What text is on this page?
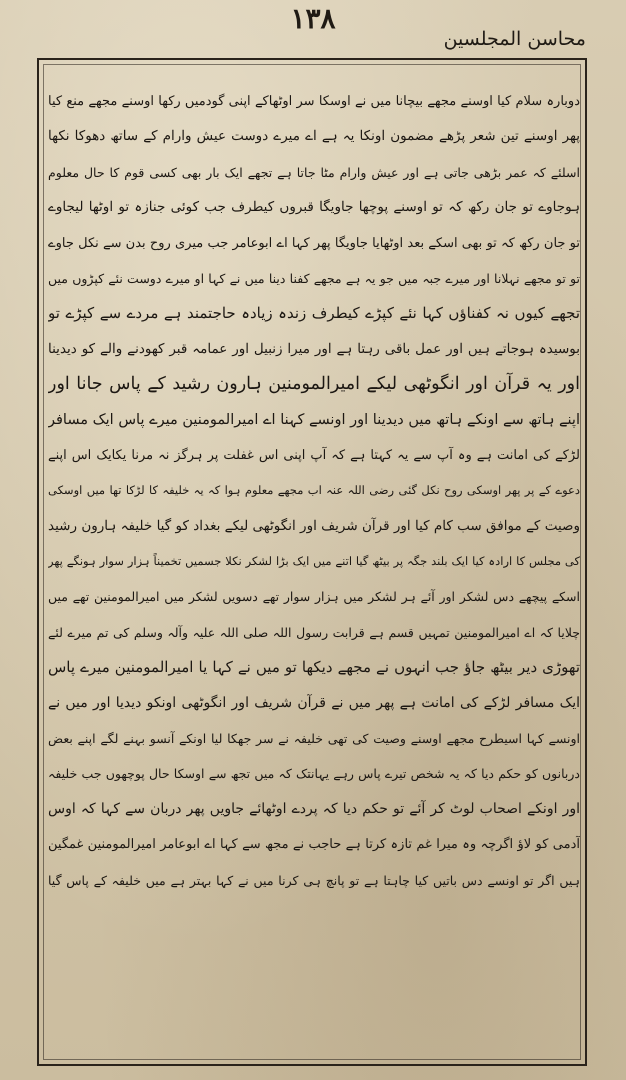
۱۳۸
محاسن المجلسین
دوبارہ سلام کیا اوسنے مجھے بیچانا میں نے اوسکا سر اوٹھاکے اپنی گودمیں رکھا اوسنے مجھے منع کیا
پھر اوسنے تین شعر پڑھے مضمون اونکا یہ ہے اے میرے دوست عیش وارام کے ساتھ دھوکا نکھا
اسلئے کہ عمر بڑھی جاتی ہے اور عیش وارام مٹا جاتا ہے تجھے ایک بار بھی کسی قوم کا حال معلوم
ہوجاوے تو جان رکھ کہ تو اوسنے پوچھا جاویگا قبروں کیطرف جب کوئی جنازہ تو اوٹھا لیجاوے
تو جان رکھ کہ تو بھی اسکے بعد اوٹھایا جاویگا پھر کہا اے ابوعامر جب میری روح بدن سے نکل جاوے
تو تو مجھے نہلانا اور میرے جبہ میں جو یہ ہے مجھے کفنا دینا میں نے کہا او میرے دوست نئے کپڑوں میں
تجھے کیوں نہ کفناؤں کہا نئے کپڑے کیطرف زندہ زیادہ حاجتمند ہے مردے سے کپڑے تو
بوسیدہ ہوجاتے ہیں اور عمل باقی رہتا ہے اور میرا زنبیل اور عمامہ قبر کھودنے والے کو دیدینا
اور یہ قرآن اور انگوٹھی لیکے امیرالمومنین ہارون رشید کے پاس جانا اور
اپنے ہاتھ سے اونکے ہاتھ میں دیدینا اور اونسے کہنا اے امیرالمومنین میرے پاس ایک مسافر
لڑکے کی امانت ہے وہ آپ سے یہ کہتا ہے کہ آپ اپنی اس غفلت پر ہرگز نہ مرنا یکایک اس اپنے
دعوے کے پر پھر اوسکی روح نکل گئی رضی اللہ عنہ اب مجھے معلوم ہوا کہ یہ خلیفہ کا لڑکا تھا میں اوسکی
وصیت کے موافق سب کام کیا اور قرآن شریف اور انگوٹھی لیکے بغداد کو گیا خلیفہ ہارون رشید
کی مجلس کا ارادہ کیا ایک بلند جگہ پر بیٹھ گیا اتنے میں ایک بڑا لشکر نکلا جسمیں تخمیناً ہزار سوار ہونگے پھر
اسکے پیچھے دس لشکر اور آئے ہر لشکر میں ہزار سوار تھے دسویں لشکر میں امیرالمومنین تھے میں
چلایا کہ اے امیرالمومنین تمہیں قسم ہے قرابت رسول اللہ صلی اللہ علیہ وآلہ وسلم کی تم میرے لئے
تھوڑی دیر بیٹھ جاؤ جب انہوں نے مجھے دیکھا تو میں نے کہا یا امیرالمومنین میرے پاس
ایک مسافر لڑکے کی امانت ہے پھر میں نے قرآن شریف اور انگوٹھی اونکو دیدیا اور میں نے
اونسے کہا اسیطرح مجھے اوسنے وصیت کی تھی خلیفہ نے سر جھکا لیا اونکے آنسو بہنے لگے اپنے بعض
دربانوں کو حکم دیا کہ یہ شخص تیرے پاس رہے یہانتک کہ میں تجھ سے اوسکا حال پوچھوں جب خلیفہ
اور اونکے اصحاب لوٹ کر آئے تو حکم دیا کہ پردے اوٹھائے جاویں پھر دربان سے کہا کہ اوس
آدمی کو لاؤ اگرچہ وہ میرا غم تازہ کرتا ہے حاجب نے مجھ سے کہا اے ابوعامر امیرالمومنین غمگین
ہیں اگر تو اونسے دس باتیں کیا چاہتا ہے تو پانچ ہی کرنا میں نے کہا بہتر ہے میں خلیفہ کے پاس گیا
